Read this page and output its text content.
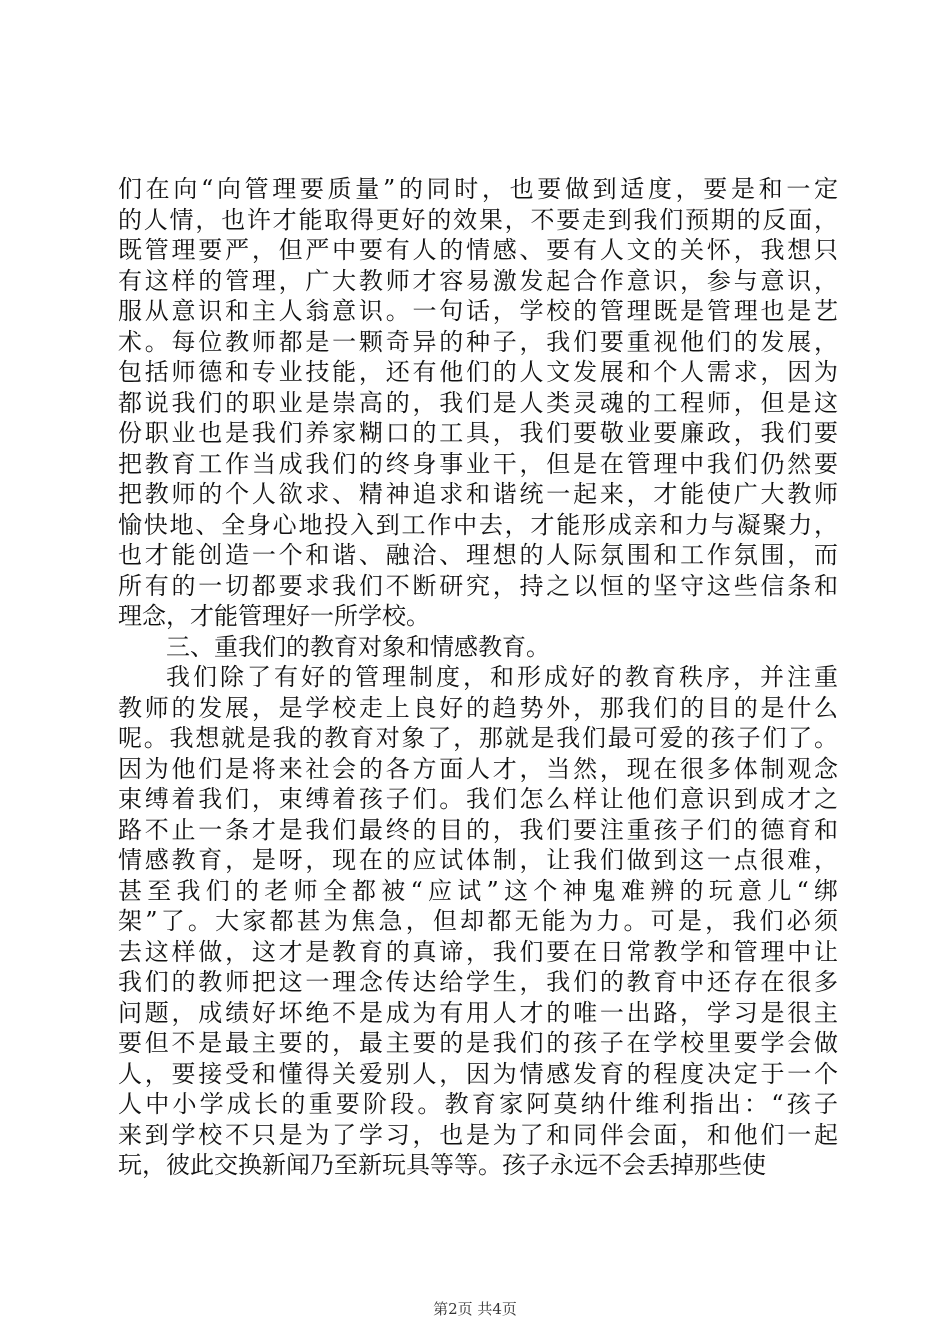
们在向“向管理要质量”的同时，也要做到适度，要是和一定
的人情，也许才能取得更好的效果，不要走到我们预期的反面，
既管理要严，但严中要有人的情感、要有人文的关怀，我想只
有这样的管理，广大教师才容易激发起合作意识，参与意识，
服从意识和主人翁意识。一句话，学校的管理既是管理也是艺
术。每位教师都是一颗奇异的种子，我们要重视他们的发展，
包括师德和专业技能，还有他们的人文发展和个人需求，因为
都说我们的职业是崇高的，我们是人类灵魂的工程师，但是这
份职业也是我们养家糊口的工具，我们要敬业要廉政，我们要
把教育工作当成我们的终身事业干，但是在管理中我们仍然要
把教师的个人欲求、精神追求和谐统一起来，才能使广大教师
愉快地、全身心地投入到工作中去，才能形成亲和力与凝聚力，
也才能创造一个和谐、融洽、理想的人际氛围和工作氛围，而
所有的一切都要求我们不断研究，持之以恒的坚守这些信条和
理念，才能管理好一所学校。
三、重我们的教育对象和情感教育。
我们除了有好的管理制度，和形成好的教育秩序，并注重
教师的发展，是学校走上良好的趋势外，那我们的目的是什么
呢。我想就是我的教育对象了，那就是我们最可爱的孩子们了。
因为他们是将来社会的各方面人才，当然，现在很多体制观念
束缚着我们，束缚着孩子们。我们怎么样让他们意识到成才之
路不止一条才是我们最终的目的，我们要注重孩子们的德育和
情感教育，是呀，现在的应试体制，让我们做到这一点很难，
甚至我们的老师全都被“应试”这个神鬼难辨的玩意儿“绑
架”了。大家都甚为焦急，但却都无能为力。可是，我们必须
去这样做，这才是教育的真谛，我们要在日常教学和管理中让
我们的教师把这一理念传达给学生，我们的教育中还存在很多
问题，成绩好坏绝不是成为有用人才的唯一出路，学习是很主
要但不是最主要的，最主要的是我们的孩子在学校里要学会做
人，要接受和懂得关爱别人，因为情感发育的程度决定于一个
人中小学成长的重要阶段。教育家阿莫纳什维利指出：“孩子
来到学校不只是为了学习，也是为了和同伴会面，和他们一起
玩，彼此交换新闻乃至新玩具等等。孩子永远不会丢掉那些使
第2页 共4页
